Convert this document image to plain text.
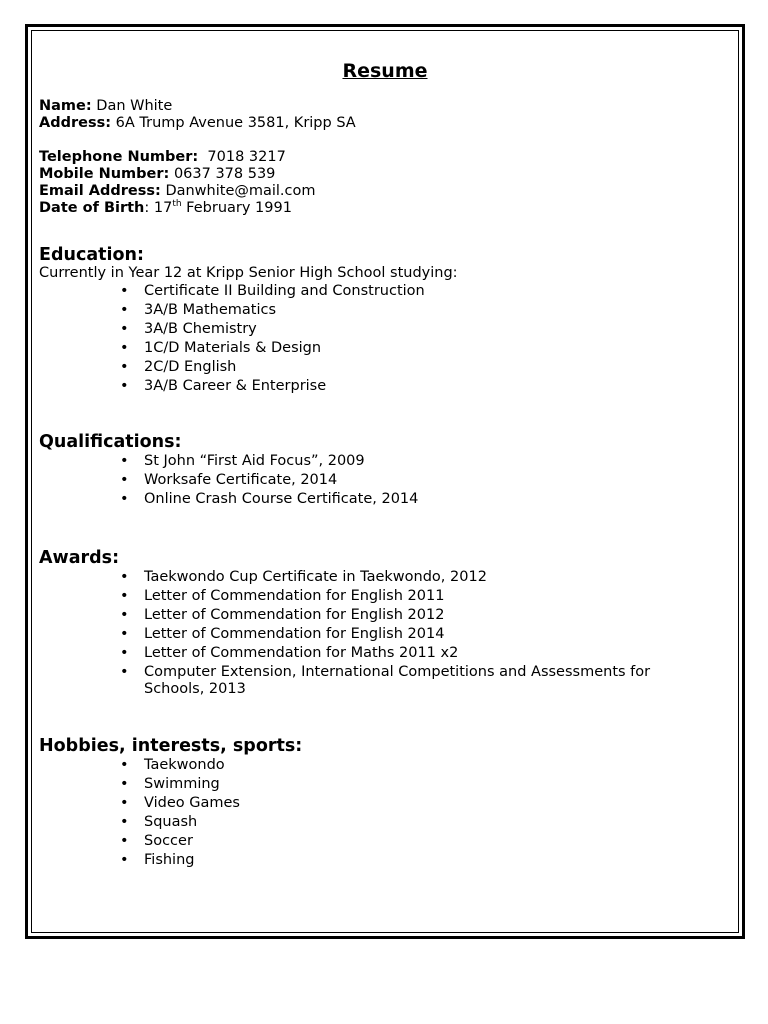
Resume

Name: Dan White

Address: 6A Trump Avenue 3581, Kripp SA

Telephone Number: 7018 3217

Mobile Number: 0637 378 539

Email Address: Danwhite@mail.com

Date of Birth: 17th February 1991

Education:

Currently in Year 12 at Kripp Senior High School studying:

• Certificate II Building and Construction
• 3A/B Mathematics
• 3A/B Chemistry
• 1C/D Materials & Design
• 2C/D English
• 3A/B Career & Enterprise

Qualifications:

• St John “First Aid Focus”, 2009
• Worksafe Certificate, 2014
• Online Crash Course Certificate, 2014

Awards:

• Taekwondo Cup Certificate in Taekwondo, 2012
• Letter of Commendation for English 2011
• Letter of Commendation for English 2012
• Letter of Commendation for English 2014
• Letter of Commendation for Maths 2011 x2
• Computer Extension, International Competitions and Assessments for
Schools, 2013

Hobbies, interests, sports:

• Taekwondo
• Swimming
• Video Games
• Squash
• Soccer
• Fishing
